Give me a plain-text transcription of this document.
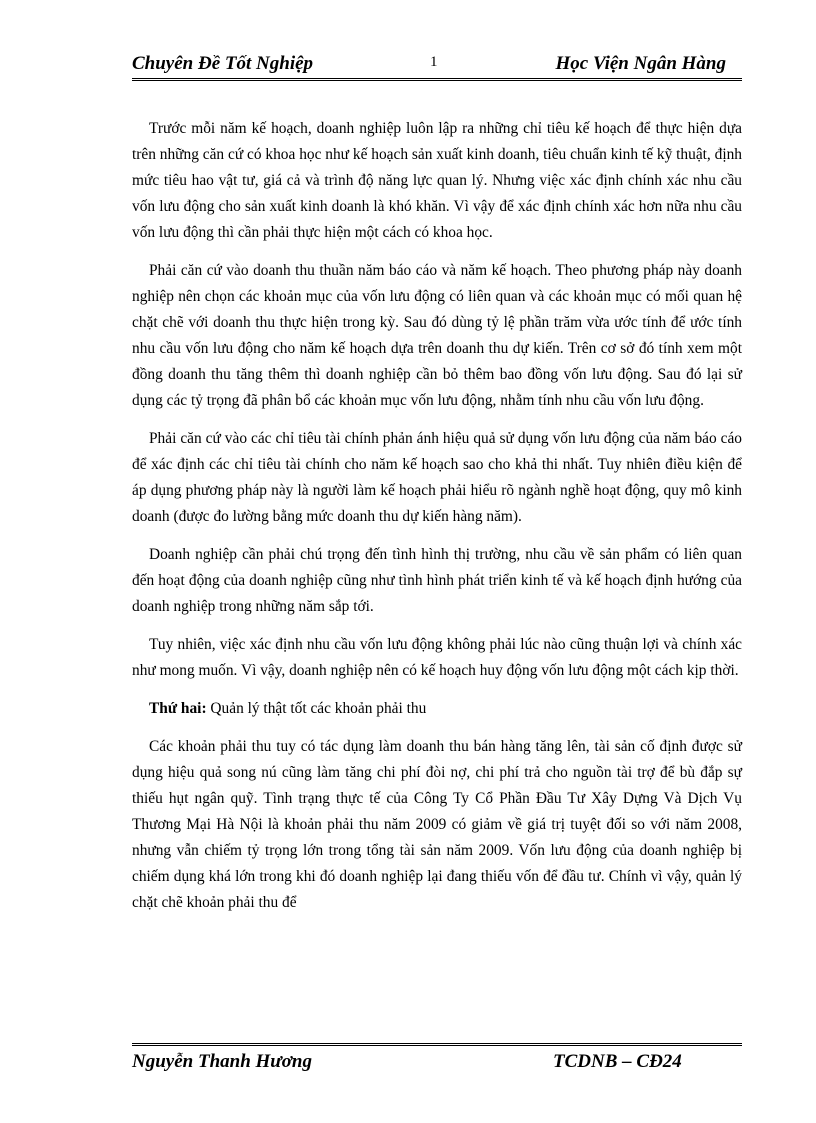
Chuyên Đề Tốt Nghiệp	1	Học Viện Ngân Hàng

Trước mỗi năm kế hoạch, doanh nghiệp luôn lập ra những chỉ tiêu kế hoạch để thực hiện dựa trên những căn cứ có khoa học như kế hoạch sản xuất kinh doanh, tiêu chuẩn kinh tế kỹ thuật, định mức tiêu hao vật tư, giá cả và trình độ năng lực quan lý. Nhưng việc xác định chính xác nhu cầu vốn lưu động cho sản xuất kinh doanh là khó khăn. Vì vậy để xác định chính xác hơn nữa nhu cầu vốn lưu động thì cần phải thực hiện một cách có khoa học.

Phải căn cứ vào doanh thu thuần năm báo cáo và năm kế hoạch. Theo phương pháp này doanh nghiệp nên chọn các khoản mục của vốn lưu động có liên quan và các khoản mục có mối quan hệ chặt chẽ với doanh thu thực hiện trong kỳ. Sau đó dùng tỷ lệ phần trăm vừa ước tính để ước tính nhu cầu vốn lưu động cho năm kế hoạch dựa trên doanh thu dự kiến. Trên cơ sở đó tính xem một đồng doanh thu tăng thêm thì doanh nghiệp cần bỏ thêm bao đồng vốn lưu động. Sau đó lại sử dụng các tỷ trọng đã phân bổ các khoản mục vốn lưu động, nhằm tính nhu cầu vốn lưu động.

Phải căn cứ vào các chỉ tiêu tài chính phản ánh hiệu quả sử dụng vốn lưu động của năm báo cáo để xác định các chỉ tiêu tài chính cho năm kế hoạch sao cho khả thi nhất. Tuy nhiên điều kiện để áp dụng phương pháp này là người làm kế hoạch phải hiểu rõ ngành nghề hoạt động, quy mô kinh doanh (được đo lường bằng mức doanh thu dự kiến hàng năm).

Doanh nghiệp cần phải chú trọng đến tình hình thị trường, nhu cầu về sản phẩm có liên quan đến hoạt động của doanh nghiệp cũng như tình hình phát triển kinh tế và kế hoạch định hướng của doanh nghiệp trong những năm sắp tới.

Tuy nhiên, việc xác định nhu cầu vốn lưu động không phải lúc nào cũng thuận lợi và chính xác như mong muốn. Vì vậy, doanh nghiệp nên có kế hoạch huy động vốn lưu động một cách kịp thời.

Thứ hai: Quản lý thật tốt các khoản phải thu

Các khoản phải thu tuy có tác dụng làm doanh thu bán hàng tăng lên, tài sản cố định được sử dụng hiệu quả song nú cũng làm tăng chi phí đòi nợ, chi phí trả cho nguồn tài trợ để bù đắp sự thiếu hụt ngân quỹ. Tình trạng thực tế của Công Ty Cổ Phần Đầu Tư Xây Dựng Và Dịch Vụ Thương Mại Hà Nội là khoản phải thu năm 2009 có giảm về giá trị tuyệt đối so với năm 2008, nhưng vẫn chiếm tỷ trọng lớn trong tổng tài sản năm 2009. Vốn lưu động của doanh nghiệp bị chiếm dụng khá lớn trong khi đó doanh nghiệp lại đang thiếu vốn để đầu tư. Chính vì vậy, quản lý chặt chẽ khoản phải thu để

Nguyễn Thanh Hương	TCDNB – CĐ24
